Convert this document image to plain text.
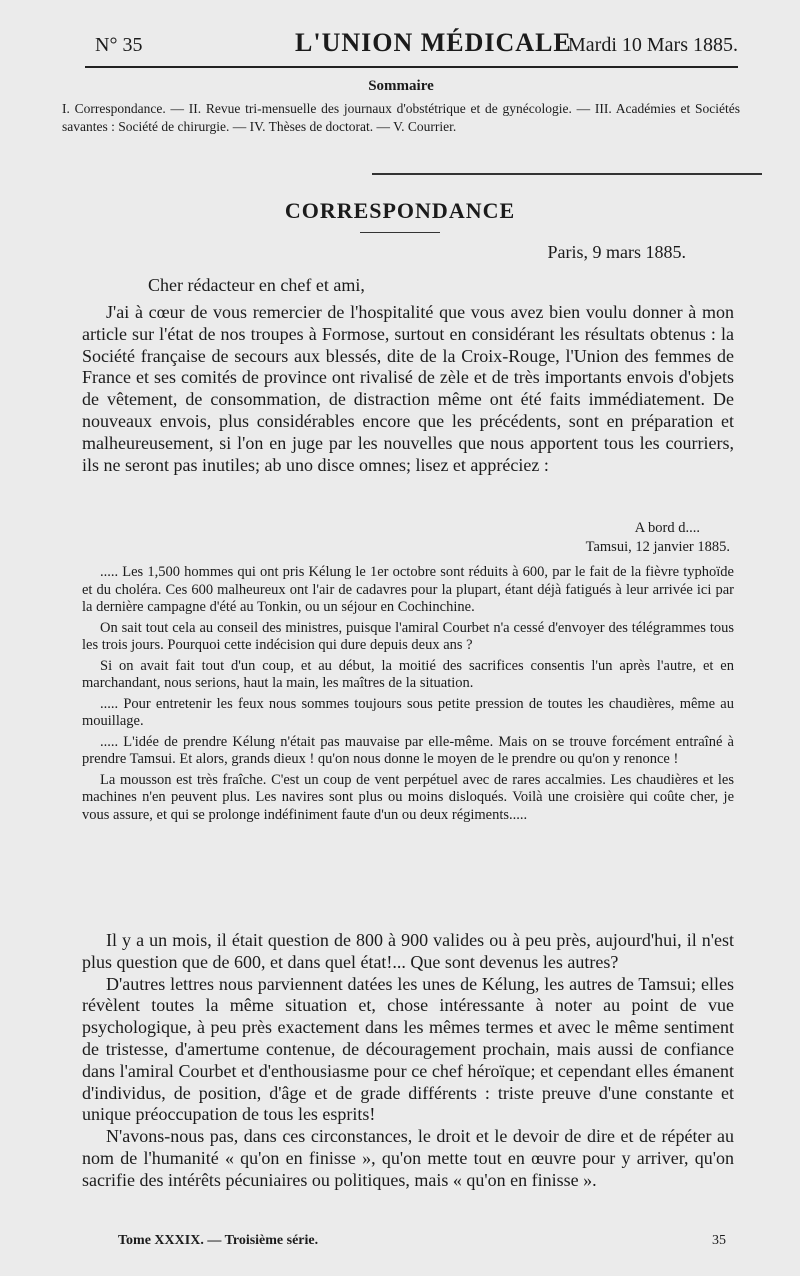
N° 35	L'UNION MÉDICALE
Mardi 10 Mars 1885.
Sommaire
I. Correspondance. — II. Revue tri-mensuelle des journaux d'obstétrique et de gynécologie. — III. Académies et Sociétés savantes : Société de chirurgie. — IV. Thèses de doctorat. — V. Courrier.
CORRESPONDANCE
Paris, 9 mars 1885.
Cher rédacteur en chef et ami,

J'ai à cœur de vous remercier de l'hospitalité que vous avez bien voulu donner à mon article sur l'état de nos troupes à Formose, surtout en considérant les résultats obtenus : la Société française de secours aux blessés, dite de la Croix-Rouge, l'Union des femmes de France et ses comités de province ont rivalisé de zèle et de très importants envois d'objets de vêtement, de consommation, de distraction même ont été faits immédiatement. De nouveaux envois, plus considérables encore que les précédents, sont en préparation et malheureusement, si l'on en juge par les nouvelles que nous apportent tous les courriers, ils ne seront pas inutiles; ab uno disce omnes; lisez et appréciez :

A bord d....
Tamsui, 12 janvier 1885.

..... Les 1,500 hommes qui ont pris Kélung le 1er octobre sont réduits à 600, par le fait de la fièvre typhoïde et du choléra. Ces 600 malheureux ont l'air de cadavres pour la plupart, étant déjà fatigués à leur arrivée ici par la dernière campagne d'été au Tonkin, ou un séjour en Cochinchine.

On sait tout cela au conseil des ministres, puisque l'amiral Courbet n'a cessé d'envoyer des télégrammes tous les trois jours. Pourquoi cette indécision qui dure depuis deux ans ?

Si on avait fait tout d'un coup, et au début, la moitié des sacrifices consentis l'un après l'autre, et en marchandant, nous serions, haut la main, les maîtres de la situation.

..... Pour entretenir les feux nous sommes toujours sous petite pression de toutes les chaudières, même au mouillage.

..... L'idée de prendre Kélung n'était pas mauvaise par elle-même. Mais on se trouve forcément entraîné à prendre Tamsui. Et alors, grands dieux ! qu'on nous donne le moyen de le prendre ou qu'on y renonce !

La mousson est très fraîche. C'est un coup de vent perpétuel avec de rares accalmies. Les chaudières et les machines n'en peuvent plus. Les navires sont plus ou moins disloqués. Voilà une croisière qui coûte cher, je vous assure, et qui se prolonge indéfiniment faute d'un ou deux régiments.....

Il y a un mois, il était question de 800 à 900 valides ou à peu près, aujourd'hui, il n'est plus question que de 600, et dans quel état!... Que sont devenus les autres?

D'autres lettres nous parviennent datées les unes de Kélung, les autres de Tamsui; elles révèlent toutes la même situation et, chose intéressante à noter au point de vue psychologique, à peu près exactement dans les mêmes termes et avec le même sentiment de tristesse, d'amertume contenue, de découragement prochain, mais aussi de confiance dans l'amiral Courbet et d'enthousiasme pour ce chef héroïque; et cependant elles émanent d'individus, de position, d'âge et de grade différents : triste preuve d'une constante et unique préoccupation de tous les esprits!

N'avons-nous pas, dans ces circonstances, le droit et le devoir de dire et de répéter au nom de l'humanité « qu'on en finisse », qu'on mette tout en œuvre pour y arriver, qu'on sacrifie des intérêts pécuniaires ou politiques, mais « qu'on en finisse ».

Tome XXXIX. — Troisième série.	35
